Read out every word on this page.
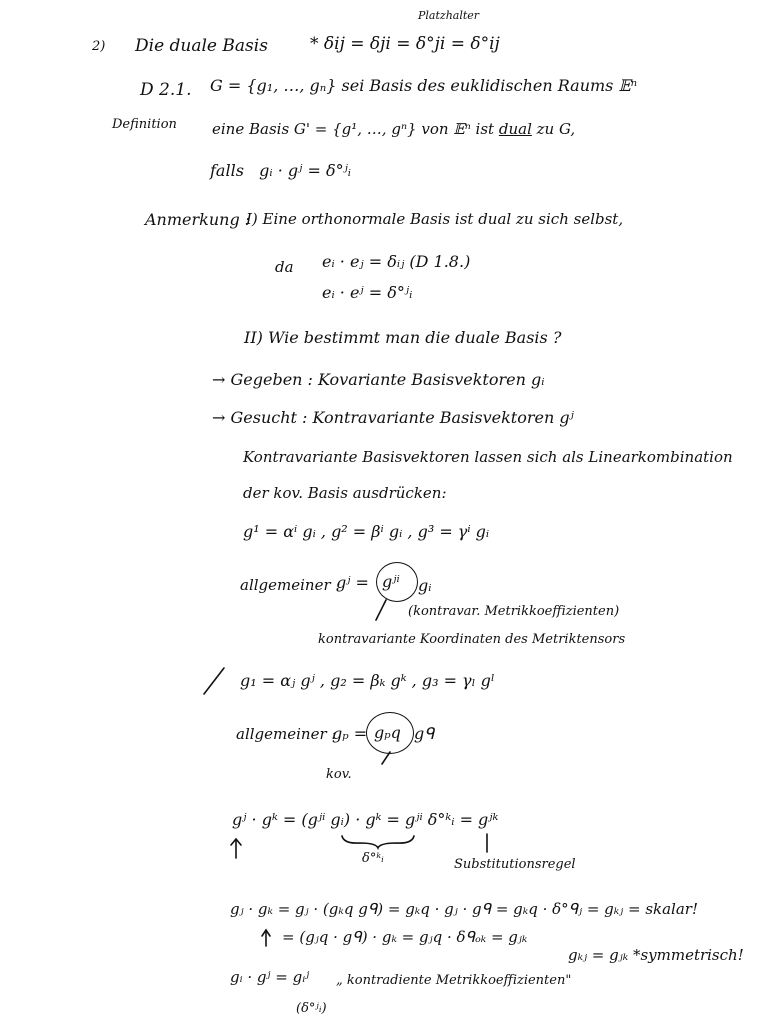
2) Die duale Basis
Platzhalter
* δij = δji = δ°ji = δ°ij
D 2.1. G = {g₁, …, gₙ} sei Basis des euklidischen Raums 𝔼ⁿ
Definition eine Basis G' = {g¹, …, gⁿ} von 𝔼ⁿ ist dual zu G,
falls gᵢ · gʲ = δ°ʲᵢ
Anmerkung :
I) Eine orthonormale Basis ist dual zu sich selbst,
da eᵢ · eⱼ = δᵢⱼ (D 1.8.)
eᵢ · eʲ = δ°ʲᵢ
II) Wie bestimmt man die duale Basis ?
→ Gegeben : Kovariante Basisvektoren gᵢ
→ Gesucht : Kontravariante Basisvektoren gʲ
Kontravariante Basisvektoren lassen sich als Linearkombination
der kov. Basis ausdrücken:
g¹ = αⁱ gᵢ , g² = βⁱ gᵢ , g³ = γⁱ gᵢ
allgemeiner :
gʲ = gʲⁱ gᵢ
(kontravar. Metrikkoeffizienten)
kontravariante Koordinaten des Metriktensors
g₁ = αⱼ gʲ , g₂ = βₖ gᵏ , g₃ = γₗ gˡ
allgemeiner :
gₚ = gₚq gᑫ
kov.
gʲ · gᵏ = (gʲⁱ gᵢ) · gᵏ = gʲⁱ δ°ᵏᵢ = gʲᵏ
δ°ᵏᵢ	Substitutionsregel
gⱼ · gₖ = gⱼ · (gₖq gᑫ) = gₖq · gⱼ · gᑫ = gₖq · δ°ᑫⱼ = gₖⱼ = skalar!
= (gⱼq · gᑫ) · gₖ = gⱼq · δᑫₒₖ = gⱼₖ
gₖⱼ = gⱼₖ *symmetrisch!
gᵢ · gʲ = gᵢʲ „ kontradiente Metrikkoeffizienten"
(δ°ʲᵢ)
